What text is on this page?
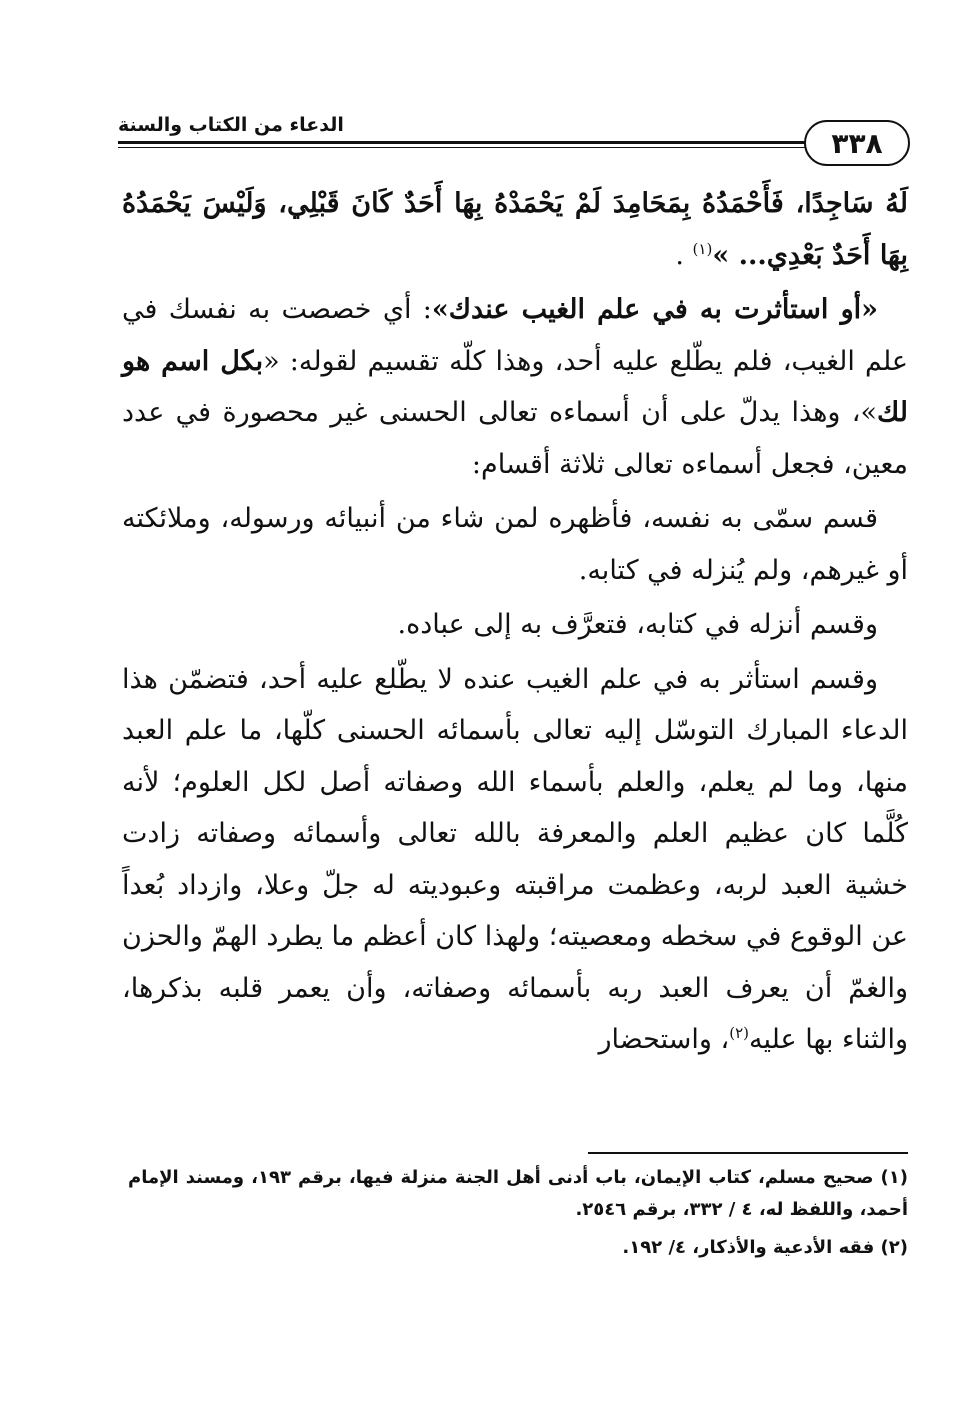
٣٣٨
الدعاء من الكتاب والسنة

لَهُ سَاجِدًا، فَأَحْمَدُهُ بِمَحَامِدَ لَمْ يَحْمَدْهُ بِهَا أَحَدٌ كَانَ قَبْلِي، وَلَيْسَ يَحْمَدُهُ بِهَا أَحَدٌ بَعْدِي... »$^{(١)}$ .

«أو استأثرت به في علم الغيب عندك»: أي خصصت به نفسك في علم الغيب، فلم يطّلع عليه أحد، وهذا كلّه تقسيم لقوله: «بكل اسم هو لك»، وهذا يدلّ على أن أسماءه تعالى الحسنى غير محصورة في عدد معين، فجعل أسماءه تعالى ثلاثة أقسام:

قسم سمّى به نفسه، فأظهره لمن شاء من أنبيائه ورسوله، وملائكته أو غيرهم، ولم يُنزله في كتابه.

وقسم أنزله في كتابه، فتعرَّف به إلى عباده.

وقسم استأثر به في علم الغيب عنده لا يطّلع عليه أحد، فتضمّن هذا الدعاء المبارك التوسّل إليه تعالى بأسمائه الحسنى كلّها، ما علم العبد منها، وما لم يعلم، والعلم بأسماء الله وصفاته أصل لكل العلوم؛ لأنه كُلَّما كان عظيم العلم والمعرفة بالله تعالى وأسمائه وصفاته زادت خشية العبد لربه، وعظمت مراقبته وعبوديته له جلّ وعلا، وازداد بُعداً عن الوقوع في سخطه ومعصيته؛ ولهذا كان أعظم ما يطرد الهمّ والحزن والغمّ أن يعرف العبد ربه بأسمائه وصفاته، وأن يعمر قلبه بذكرها، والثناء بها عليه$^{(٢)}$، واستحضار

(١) صحيح مسلم، كتاب الإيمان، باب أدنى أهل الجنة منزلة فيها، برقم ١٩٣، ومسند الإمام أحمد، واللفظ له، ٤ / ٣٣٢، برقم ٢٥٤٦.

(٢) فقه الأدعية والأذكار، ٤/ ١٩٢.
